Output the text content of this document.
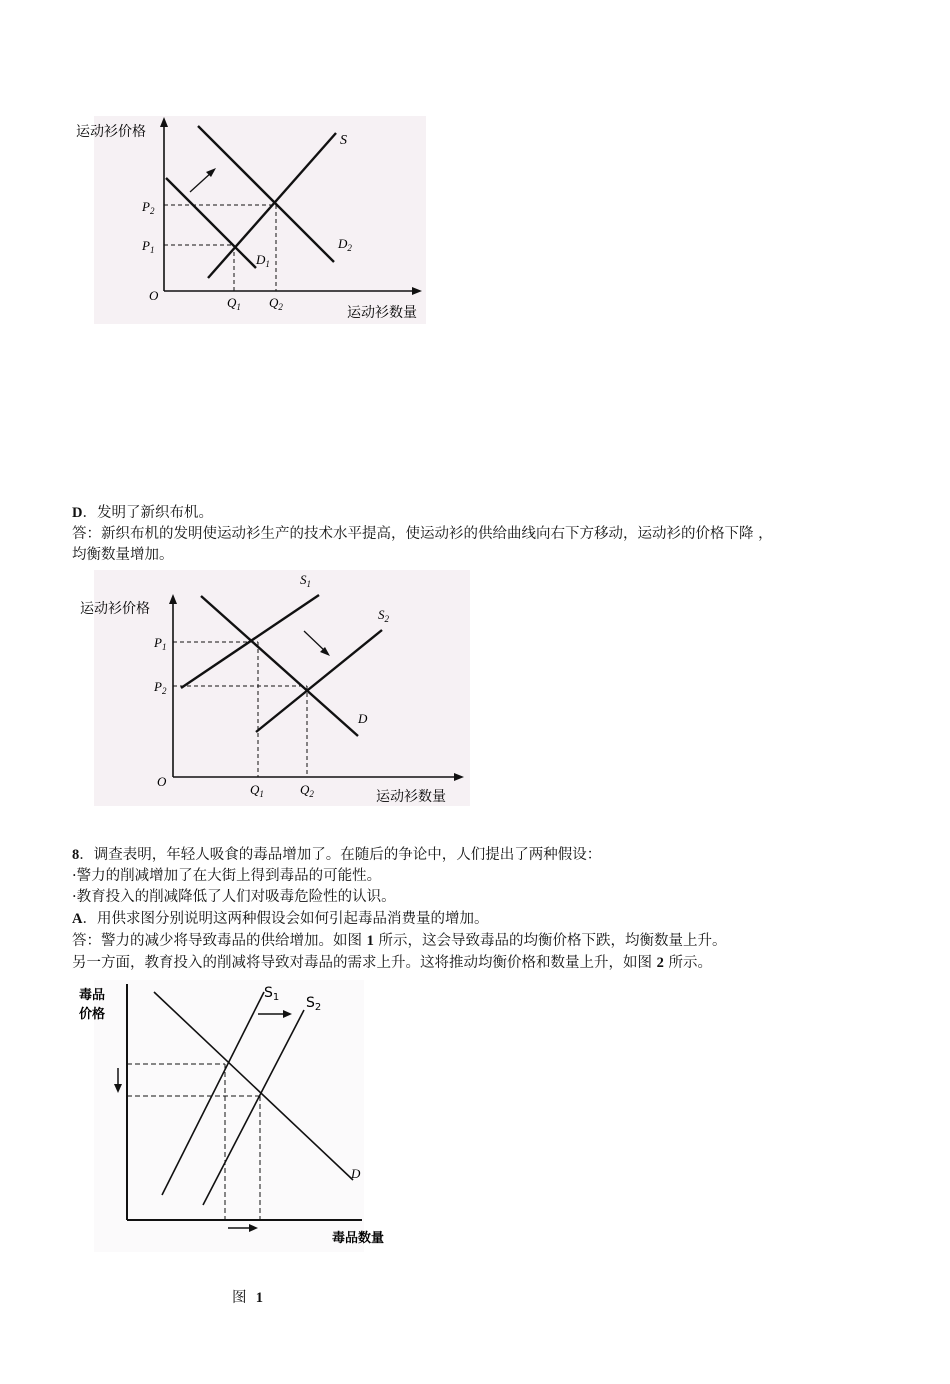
运动衫价格
运动衫数量
O
S
$D_1$
$D_2$
$P_2$
$P_1$
$Q_1$ $Q_2$
D．发明了新织布机。
答：新织布机的发明使运动衫生产的技术水平提高，使运动衫的供给曲线向右下方移动，运动衫的价格下降 ，
均衡数量增加。
运动衫价格
运动衫数量
O
$S_1$
$S_2$
D
$P_1$
$P_2$
$Q_1$	$Q_2$
8．调查表明，年轻人吸食的毒品增加了。在随后的争论中，人们提出了两种假设：
·警力的削减增加了在大街上得到毒品的可能性。
·教育投入的削减降低了人们对吸毒危险性的认识。
A．用供求图分别说明这两种假设会如何引起毒品消费量的增加。
答：警力的减少将导致毒品的供给增加。如图 1 所示，这会导致毒品的均衡价格下跌，均衡数量上升。
另一方面，教育投入的削减将导致对毒品的需求上升。这将推动均衡价格和数量上升，如图 2 所示。
毒品
价格
毒品数量
$S_1$ $S_2$
D
图 1
